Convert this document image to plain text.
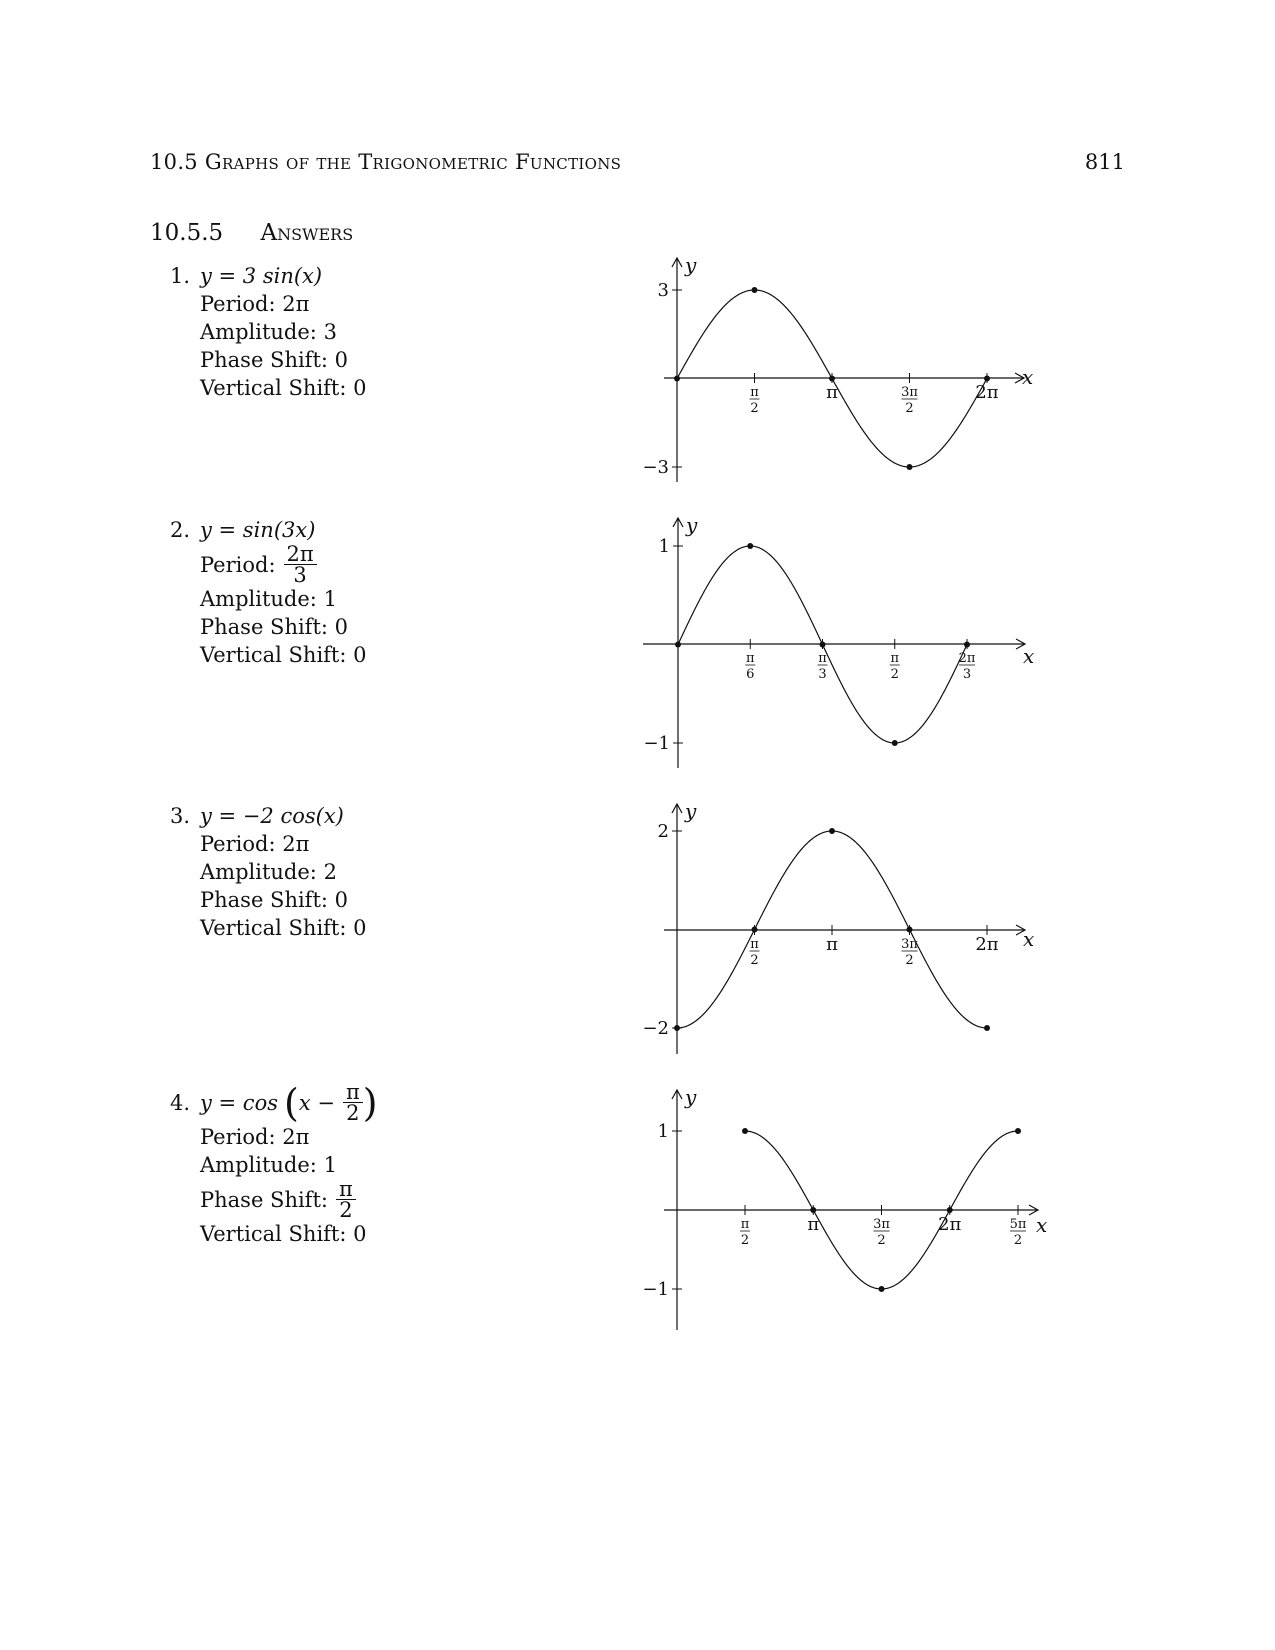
10.5 Graphs of the Trigonometric Functions	811
10.5.5 Answers
1. y = 3 sin(x)
Period:
2π
Amplitude:
3
Phase Shift:
0
Vertical Shift:
0
2. y = sin(3x)
Period: $\frac{2\pi}{3}$
Amplitude:
1
Phase Shift:
0
Vertical Shift:
0
3. y = −2 cos(x)
Period:
2π
Amplitude:
2
Phase Shift:
0
Vertical Shift:
0
4. y = cos ( $x - \frac{\pi}{2}$ )
Period:
2π
Amplitude:
1
Phase Shift: $\frac{\pi}{2}$
Vertical Shift:
0
x
y
3
−3
π
2
π	3π
2
2π
x
y
1
−1
π
6
π
3
π
2
2π
3
x
y
2
−2
π
2
π	3π
2
2π
x
y
1
−1
π
2
π	3π
2
2π	5π
2
